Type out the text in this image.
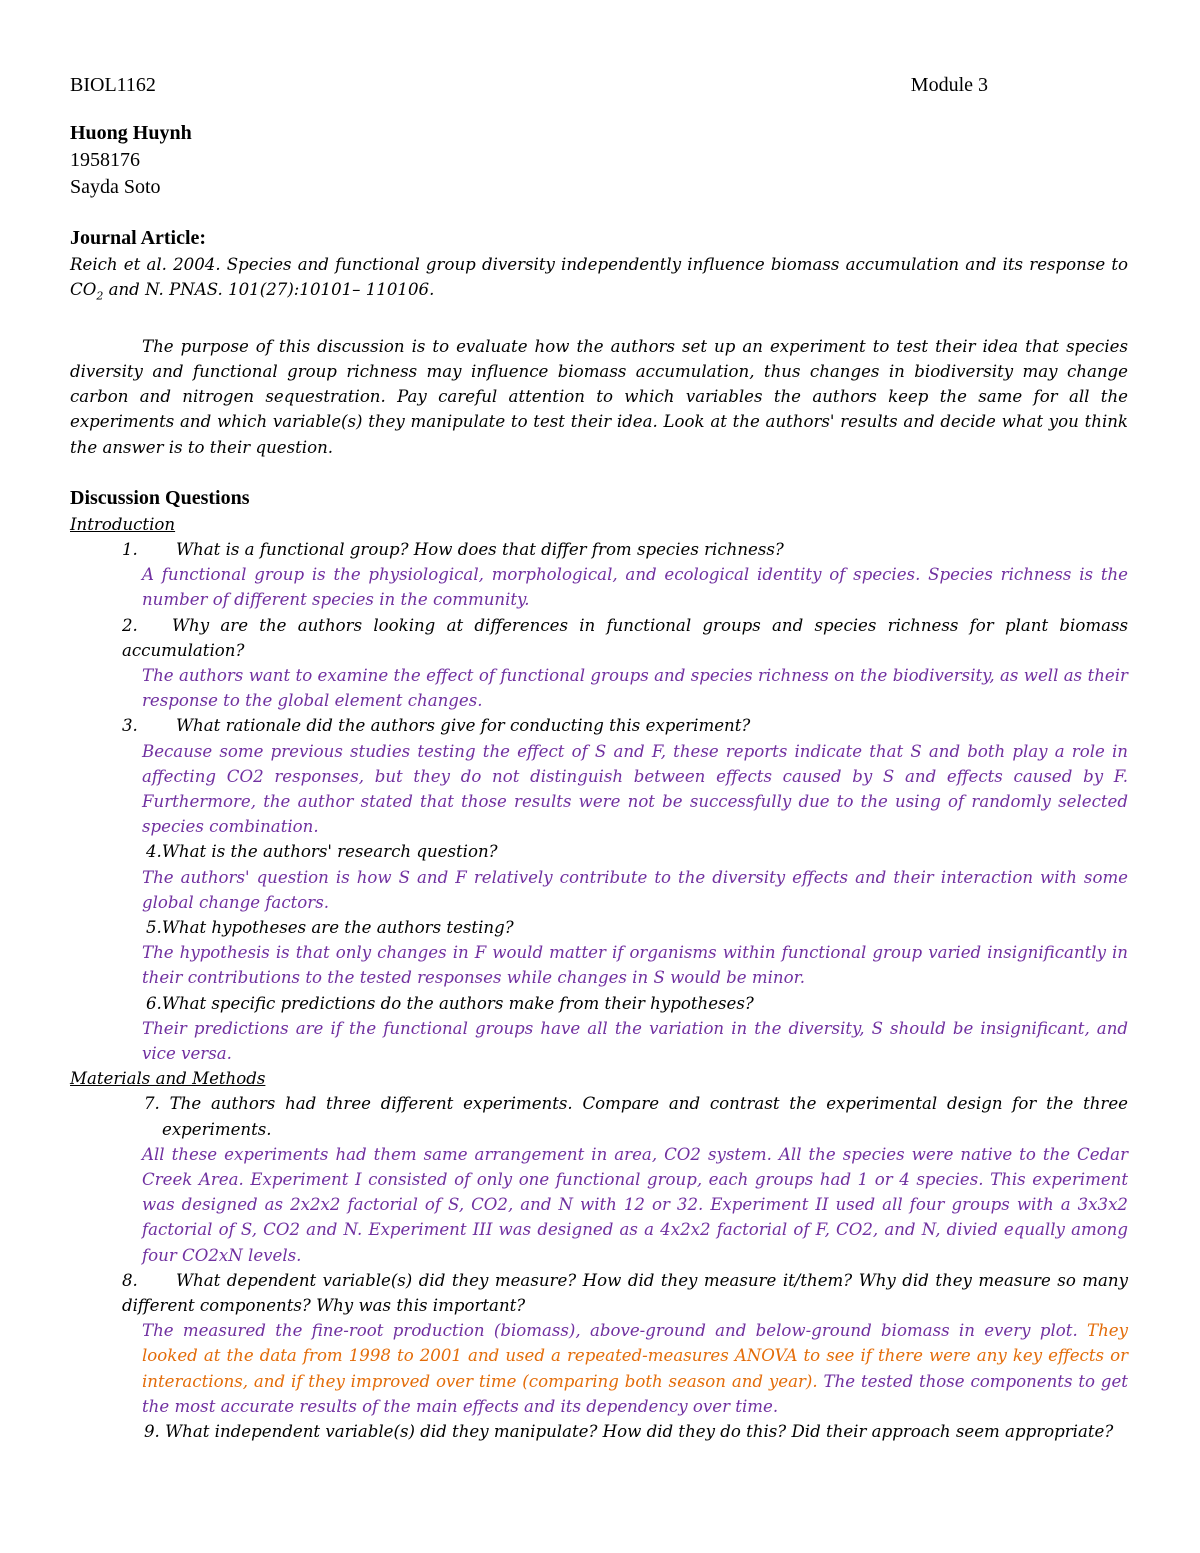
BIOL1162	Module 3
Huong Huynh
1958176
Sayda Soto
Journal Article:
Reich et al. 2004. Species and functional group diversity independently influence biomass accumulation and its response to $CO_2$ and N. PNAS. 101(27):10101– 110106.
The purpose of this discussion is to evaluate how the authors set up an experiment to test their idea that species diversity and functional group richness may influence biomass accumulation, thus changes in biodiversity may change carbon and nitrogen sequestration. Pay careful attention to which variables the authors keep the same for all the experiments and which variable(s) they manipulate to test their idea. Look at the authors' results and decide what you think the answer is to their question.
Discussion Questions
Introduction
1. What is a functional group? How does that differ from species richness?
A functional group is the physiological, morphological, and ecological identity of species. Species richness is the number of different species in the community.
2. Why are the authors looking at differences in functional groups and species richness for plant biomass accumulation?
The authors want to examine the effect of functional groups and species richness on the biodiversity, as well as their response to the global element changes.
3. What rationale did the authors give for conducting this experiment?
Because some previous studies testing the effect of S and F, these reports indicate that S and both play a role in affecting CO2 responses, but they do not distinguish between effects caused by S and effects caused by F. Furthermore, the author stated that those results were not be successfully due to the using of randomly selected species combination.
4.What is the authors' research question?
The authors' question is how S and F relatively contribute to the diversity effects and their interaction with some global change factors.
5.What hypotheses are the authors testing?
The hypothesis is that only changes in F would matter if organisms within functional group varied insignificantly in their contributions to the tested responses while changes in S would be minor.
6.What specific predictions do the authors make from their hypotheses?
Their predictions are if the functional groups have all the variation in the diversity, S should be insignificant, and vice versa.
Materials and Methods
7. The authors had three different experiments. Compare and contrast the experimental design for the three experiments.
All these experiments had them same arrangement in area, CO2 system. All the species were native to the Cedar Creek Area. Experiment I consisted of only one functional group, each groups had 1 or 4 species. This experiment was designed as 2x2x2 factorial of S, CO2, and N with 12 or 32. Experiment II used all four groups with a 3x3x2 factorial of S, CO2 and N. Experiment III was designed as a 4x2x2 factorial of F, CO2, and N, divied equally among four CO2xN levels.
8. What dependent variable(s) did they measure? How did they measure it/them? Why did they measure so many different components? Why was this important?
The measured the fine-root production (biomass), above-ground and below-ground biomass in every plot. They looked at the data from 1998 to 2001 and used a repeated-measures ANOVA to see if there were any key effects or interactions, and if they improved over time (comparing both season and year). The tested those components to get the most accurate results of the main effects and its dependency over time.
9. What independent variable(s) did they manipulate? How did they do this? Did their approach seem appropriate?
